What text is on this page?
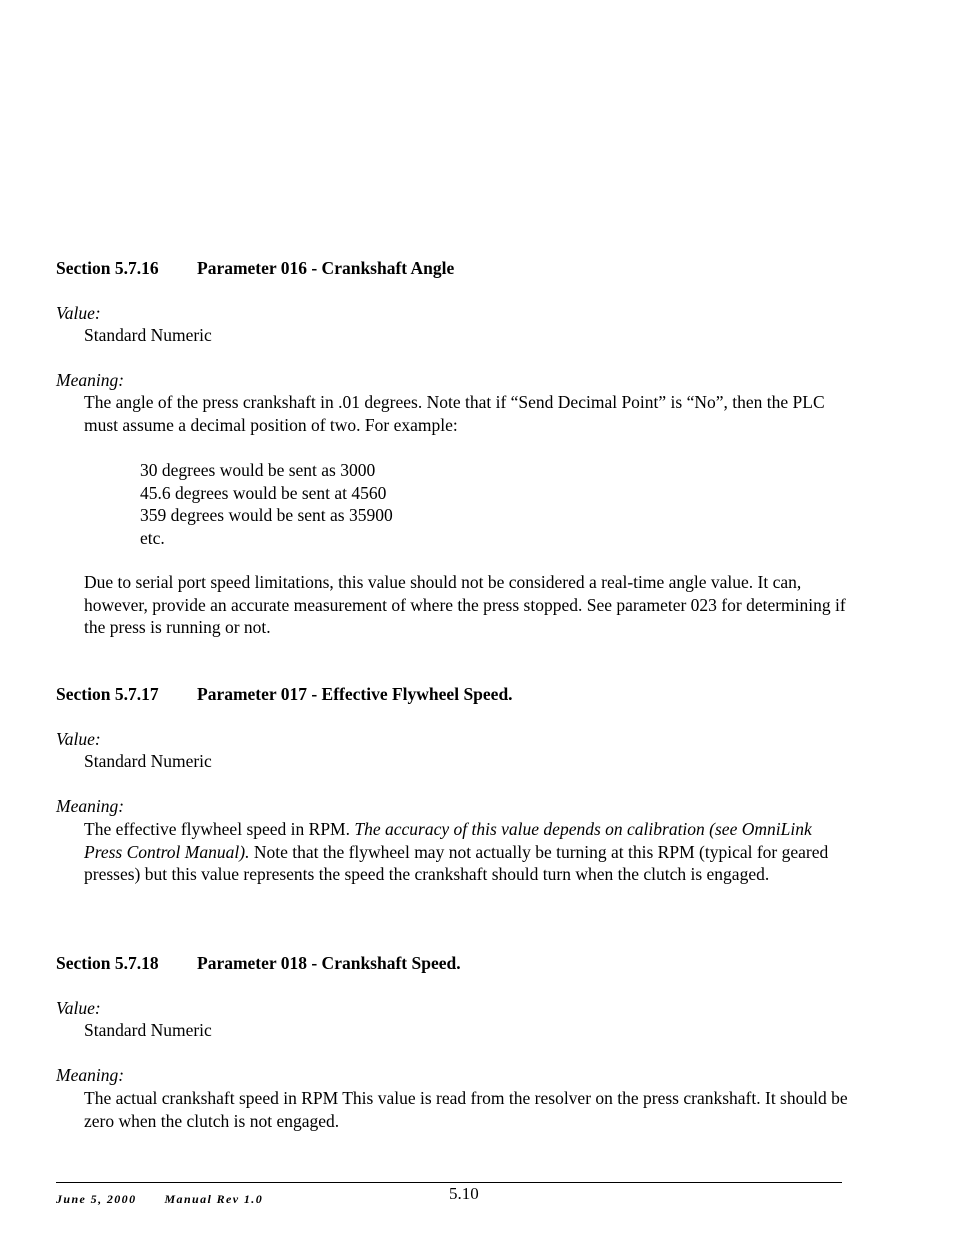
Section 5.7.16 Parameter 016 - Crankshaft Angle
Value:
Standard Numeric
Meaning:
The angle of the press crankshaft in .01 degrees. Note that if “Send Decimal Point” is “No”, then the PLC must assume a decimal position of two. For example:
30 degrees would be sent as 3000
45.6 degrees would be sent at 4560
359 degrees would be sent as 35900
etc.
Due to serial port speed limitations, this value should not be considered a real-time angle value. It can, however, provide an accurate measurement of where the press stopped. See parameter 023 for determining if the press is running or not.
Section 5.7.17 Parameter 017 - Effective Flywheel Speed.
Value:
Standard Numeric
Meaning:
The effective flywheel speed in RPM. The accuracy of this value depends on calibration (see OmniLink Press Control Manual). Note that the flywheel may not actually be turning at this RPM (typical for geared presses) but this value represents the speed the crankshaft should turn when the clutch is engaged.
Section 5.7.18 Parameter 018 - Crankshaft Speed.
Value:
Standard Numeric
Meaning:
The actual crankshaft speed in RPM This value is read from the resolver on the press crankshaft. It should be zero when the clutch is not engaged.
June 5, 2000 Manual Rev 1.0	5.10
